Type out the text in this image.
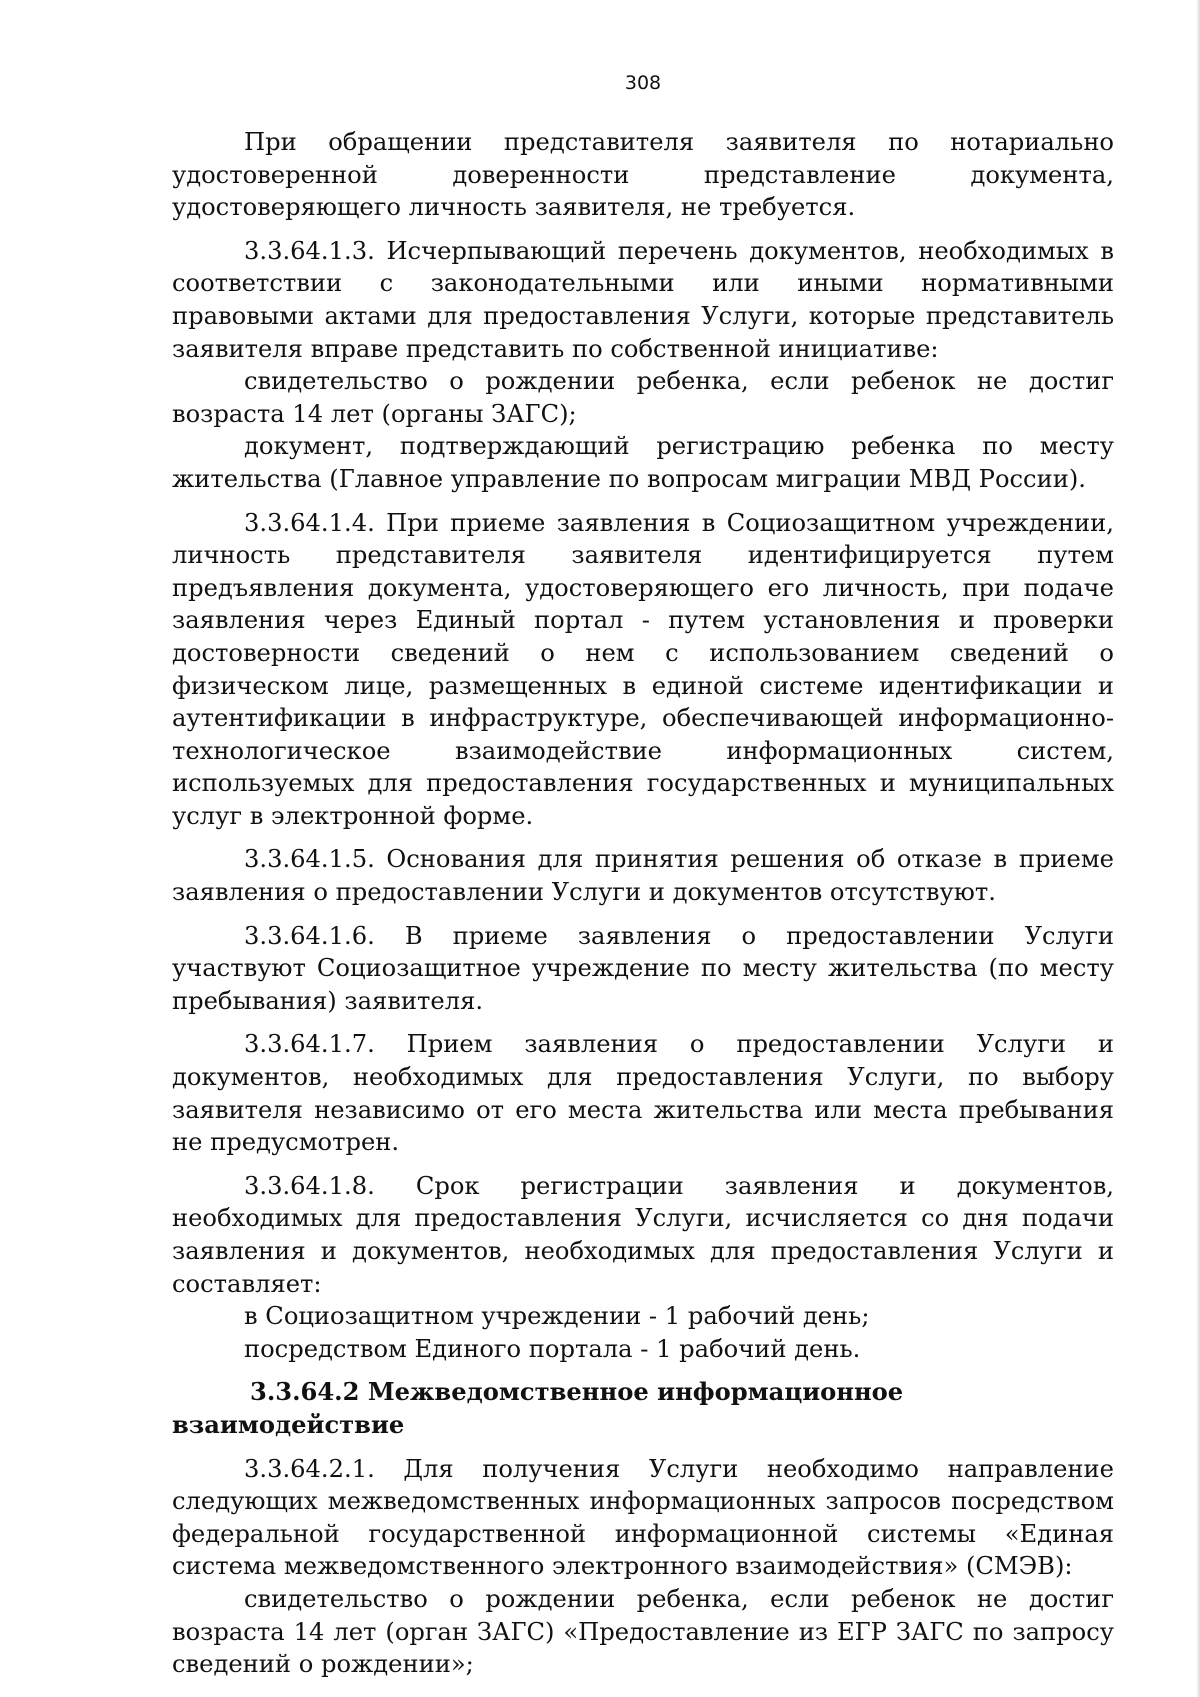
308

При обращении представителя заявителя по нотариально удостоверенной доверенности представление документа, удостоверяющего личность заявителя, не требуется.

3.3.64.1.3. Исчерпывающий перечень документов, необходимых в соответствии с законодательными или иными нормативными правовыми актами для предоставления Услуги, которые представитель заявителя вправе представить по собственной инициативе:

свидетельство о рождении ребенка, если ребенок не достиг возраста 14 лет (органы ЗАГС);

документ, подтверждающий регистрацию ребенка по месту жительства (Главное управление по вопросам миграции МВД России).

3.3.64.1.4. При приеме заявления в Социозащитном учреждении, личность представителя заявителя идентифицируется путем предъявления документа, удостоверяющего его личность, при подаче заявления через Единый портал - путем установления и проверки достоверности сведений о нем с использованием сведений о физическом лице, размещенных в единой системе идентификации и аутентификации в инфраструктуре, обеспечивающей информационно-технологическое взаимодействие информационных систем, используемых для предоставления государственных и муниципальных услуг в электронной форме.

3.3.64.1.5. Основания для принятия решения об отказе в приеме заявления о предоставлении Услуги и документов отсутствуют.

3.3.64.1.6. В приеме заявления о предоставлении Услуги участвуют Социозащитное учреждение по месту жительства (по месту пребывания) заявителя.

3.3.64.1.7. Прием заявления о предоставлении Услуги и документов, необходимых для предоставления Услуги, по выбору заявителя независимо от его места жительства или места пребывания не предусмотрен.

3.3.64.1.8. Срок регистрации заявления и документов, необходимых для предоставления Услуги, исчисляется со дня подачи заявления и документов, необходимых для предоставления Услуги и составляет:

в Социозащитном учреждении - 1 рабочий день;

посредством Единого портала - 1 рабочий день.

3.3.64.2 Межведомственное информационное взаимодействие

3.3.64.2.1. Для получения Услуги необходимо направление следующих межведомственных информационных запросов посредством федеральной государственной информационной системы «Единая система межведомственного электронного взаимодействия» (СМЭВ):

свидетельство о рождении ребенка, если ребенок не достиг возраста 14 лет (орган ЗАГС) «Предоставление из ЕГР ЗАГС по запросу сведений о рождении»;
